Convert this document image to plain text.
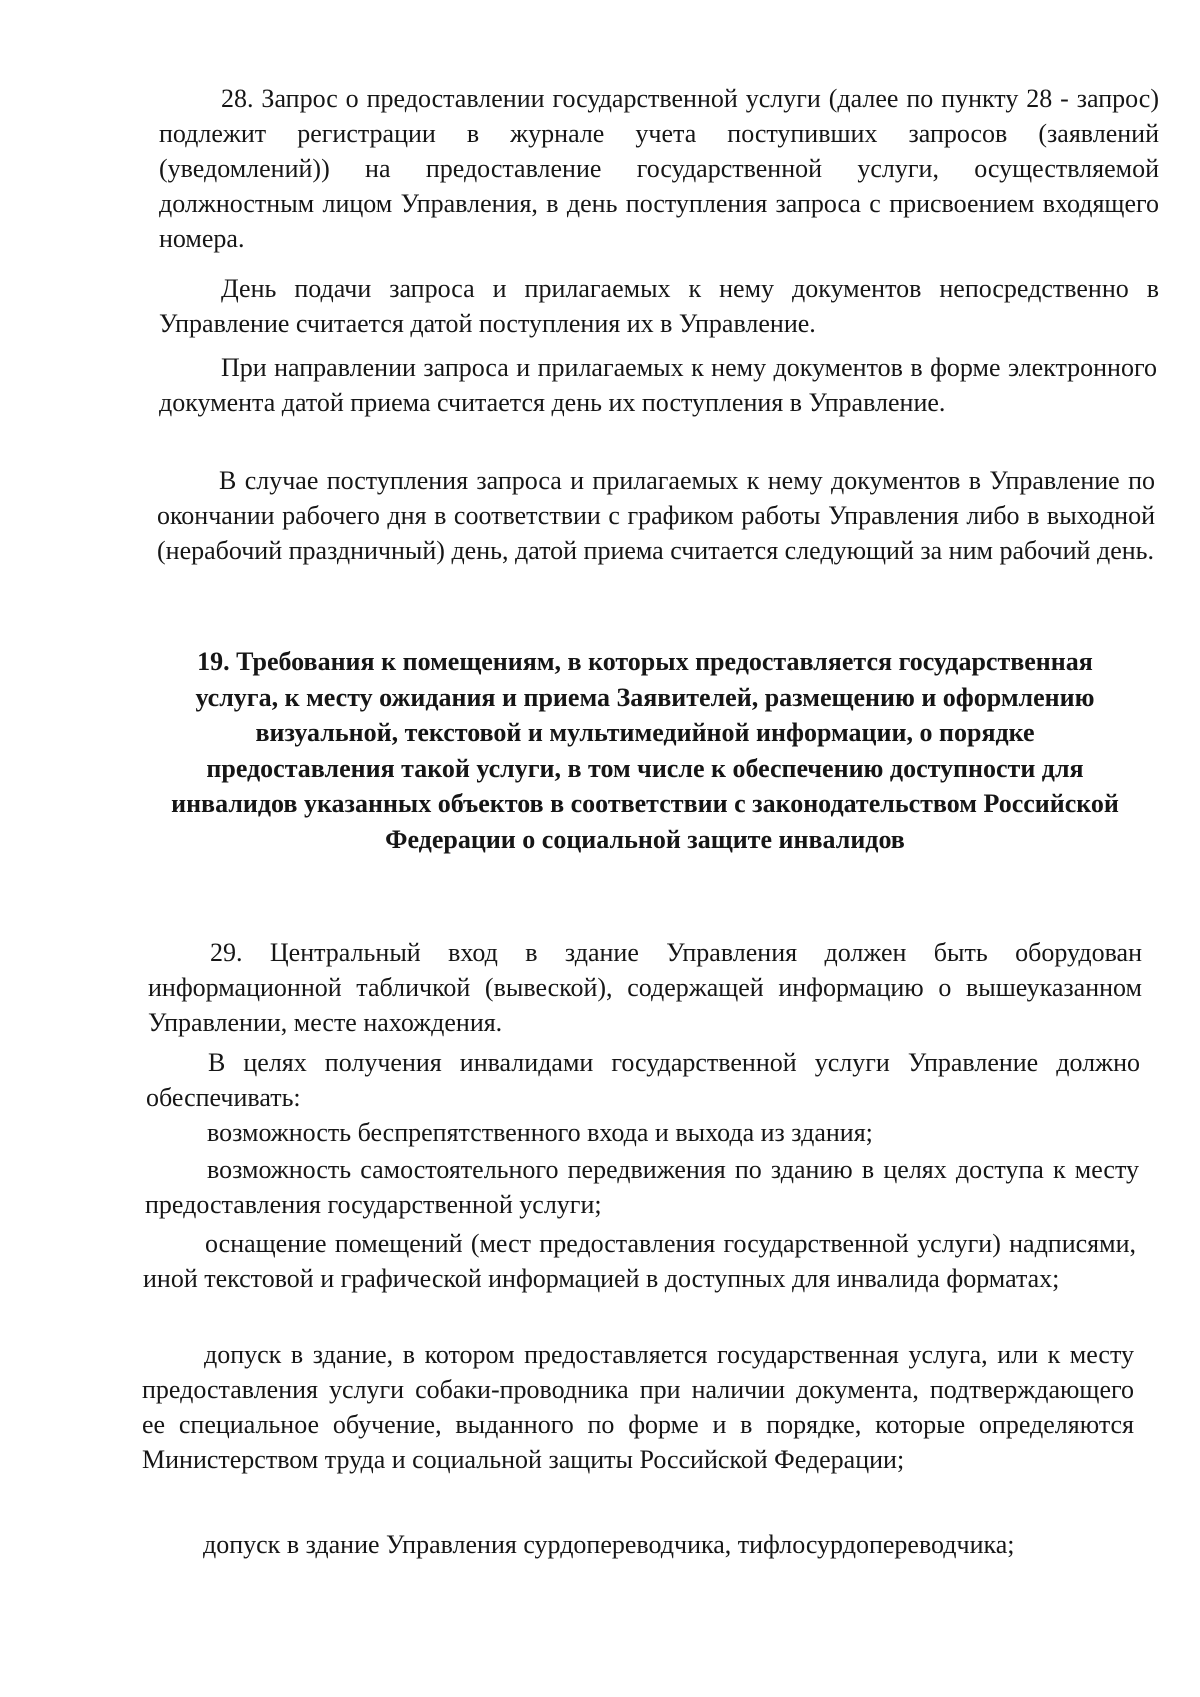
28. Запрос о предоставлении государственной услуги (далее по пункту 28 - запрос) подлежит регистрации в журнале учета поступивших запросов (заявлений (уведомлений)) на предоставление государственной услуги, осуществляемой должностным лицом Управления, в день поступления запроса с присвоением входящего номера.

День подачи запроса и прилагаемых к нему документов непосредственно в Управление считается датой поступления их в Управление.

При направлении запроса и прилагаемых к нему документов в форме электронного документа датой приема считается день их поступления в Управление.

В случае поступления запроса и прилагаемых к нему документов в Управление по окончании рабочего дня в соответствии с графиком работы Управления либо в выходной (нерабочий праздничный) день, датой приема считается следующий за ним рабочий день.

19. Требования к помещениям, в которых предоставляется государственная услуга, к месту ожидания и приема Заявителей, размещению и оформлению визуальной, текстовой и мультимедийной информации, о порядке предоставления такой услуги, в том числе к обеспечению доступности для инвалидов указанных объектов в соответствии с законодательством Российской Федерации о социальной защите инвалидов

29. Центральный вход в здание Управления должен быть оборудован информационной табличкой (вывеской), содержащей информацию о вышеуказанном Управлении, месте нахождения.

В целях получения инвалидами государственной услуги Управление должно обеспечивать:

возможность беспрепятственного входа и выхода из здания;

возможность самостоятельного передвижения по зданию в целях доступа к месту предоставления государственной услуги;

оснащение помещений (мест предоставления государственной услуги) надписями, иной текстовой и графической информацией в доступных для инвалида форматах;

допуск в здание, в котором предоставляется государственная услуга, или к месту предоставления услуги собаки-проводника при наличии документа, подтверждающего ее специальное обучение, выданного по форме и в порядке, которые определяются Министерством труда и социальной защиты Российской Федерации;

допуск в здание Управления сурдопереводчика, тифлосурдопереводчика;
